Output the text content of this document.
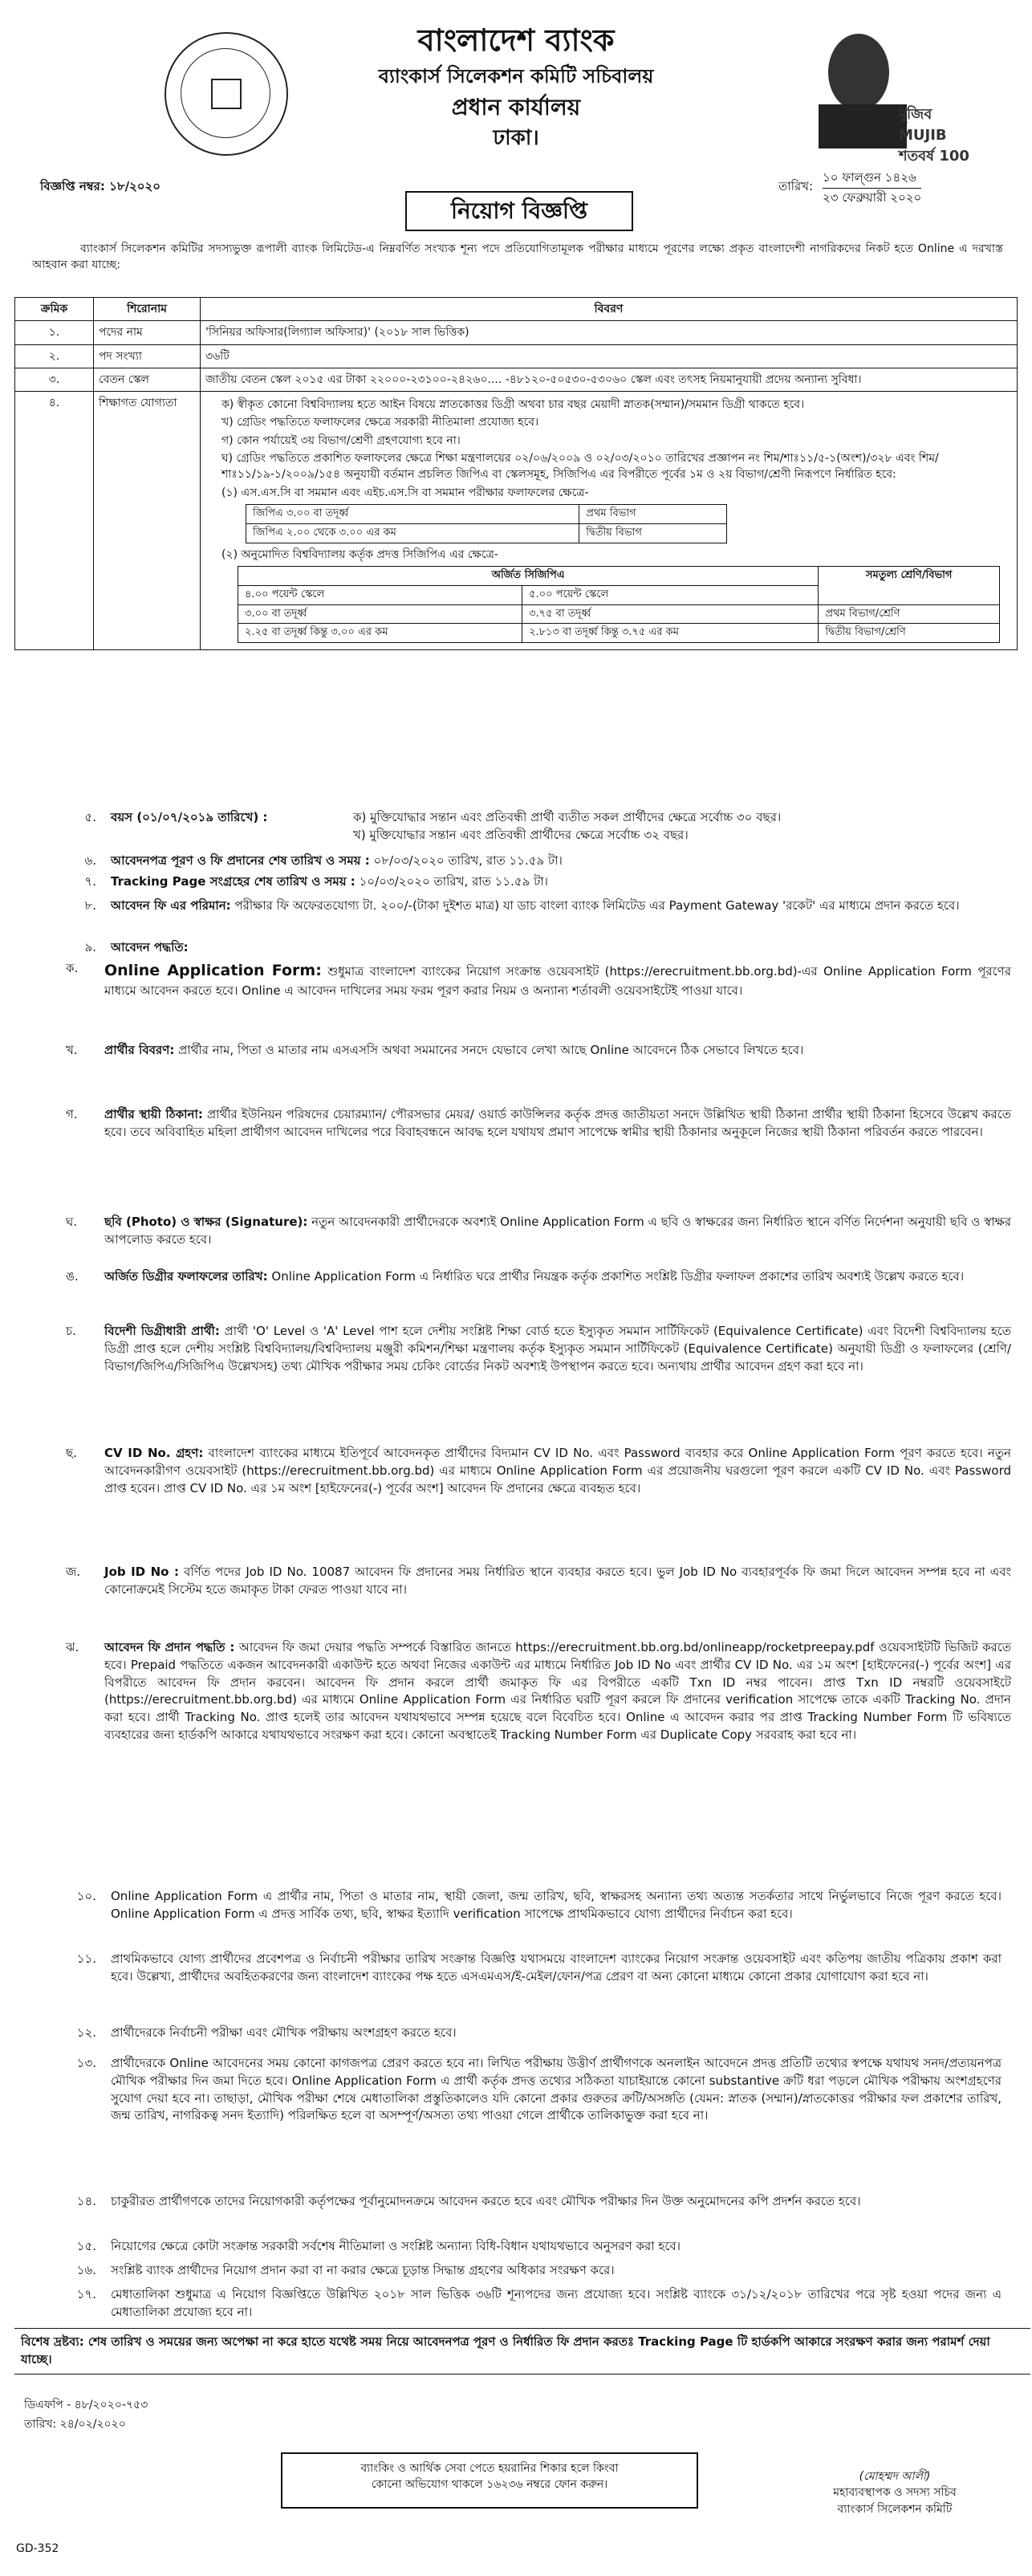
বাংলাদেশ ব্যাংক
ব্যাংকার্স সিলেকশন কমিটি সচিবালয়
প্রধান কার্যালয়
ঢাকা।
মুজিব MUJIB শতবর্ষ 100
বিজ্ঞপ্তি নম্বর: ১৮/২০২০	তারিখ:
১০ ফাল্গুন ১৪২৬
২৩ ফেব্রুয়ারী ২০২০
নিয়োগ বিজ্ঞপ্তি
ব্যাংকার্স সিলেকশন কমিটির সদস্যভুক্ত রূপালী ব্যাংক লিমিটেড-এ নিম্নবর্ণিত সংখ্যক শূন্য পদে প্রতিযোগিতামূলক পরীক্ষার মাধ্যমে পূরণের লক্ষ্যে প্রকৃত বাংলাদেশী নাগরিকদের নিকট হতে Online এ দরখাস্ত আহবান করা যাচ্ছে:
ক্রমিক	শিরোনাম	বিবরণ
১.	পদের নাম	'সিনিয়র অফিসার(লিগ্যাল অফিসার)' (২০১৮ সাল ভিত্তিক)
২.	পদ সংখ্যা	৩৬টি
৩.	বেতন স্কেল	জাতীয় বেতন স্কেল ২০১৫ এর টাকা ২২০০০-২৩১০০-২৪২৬০.... -৪৮১২০-৫০৫৩০-৫৩০৬০ স্কেল এবং তৎসহ নিয়মানুযায়ী প্রদেয় অন্যান্য সুবিধা।
৪.	শিক্ষাগত যোগ্যতা	ক) স্বীকৃত কোনো বিশ্ববিদ্যালয় হতে আইন বিষয়ে স্নাতকোত্তর ডিগ্রী অথবা চার বছর মেয়াদী স্নাতক(সম্মান)/সমমান ডিগ্রী থাকতে হবে।
খ) গ্রেডিং পদ্ধতিতে ফলাফলের ক্ষেত্রে সরকারী নীতিমালা প্রযোজ্য হবে।
গ) কোন পর্যায়েই ৩য় বিভাগ/শ্রেণী গ্রহণযোগ্য হবে না।
ঘ) গ্রেডিং পদ্ধতিতে প্রকাশিত ফলাফলের ক্ষেত্রে শিক্ষা মন্ত্রণালয়ের ০২/০৬/২০০৯ ও ০২/০৩/২০১০ তারিখের প্রজ্ঞাপন নং শিম/শাঃ১১/৫-১(অংশ)/৩২৮ এবং শিম/শাঃ১১/১৯-১/২০০৯/১৫৪ অনুযায়ী বর্তমান প্রচলিত জিপিএ বা স্কেলসমূহ, সিজিপিএ এর বিপরীতে পূর্বের ১ম ও ২য় বিভাগ/শ্রেণী নিরূপণে নির্ধারিত হবে:
(১) এস.এস.সি বা সমমান এবং এইচ.এস.সি বা সমমান পরীক্ষার ফলাফলের ক্ষেত্রে-
জিপিএ ৩.০০ বা তদূর্ধ্ব	প্রথম বিভাগ
জিপিএ ২.০০ থেকে ৩.০০ এর কম	দ্বিতীয় বিভাগ
(২) অনুমোদিত বিশ্ববিদ্যালয় কর্তৃক প্রদত্ত সিজিপিএ এর ক্ষেত্রে-
অর্জিত সিজিপিএ	সমতুল্য শ্রেণি/বিভাগ
৪.০০ পয়েন্ট স্কেলে	৫.০০ পয়েন্ট স্কেলে
৩.০০ বা তদূর্ধ্ব	৩.৭৫ বা তদূর্ধ্ব	প্রথম বিভাগ/শ্রেণি
২.২৫ বা তদূর্ধ্ব কিন্তু ৩.০০ এর কম	২.৮১৩ বা তদূর্ধ্ব কিন্তু ৩.৭৫ এর কম	দ্বিতীয় বিভাগ/শ্রেণি
৫. বয়স (০১/০৭/২০১৯ তারিখে) :	ক) মুক্তিযোদ্ধার সন্তান এবং প্রতিবন্ধী প্রার্থী ব্যতীত সকল প্রার্থীদের ক্ষেত্রে সর্বোচ্চ ৩০ বছর।
খ) মুক্তিযোদ্ধার সন্তান এবং প্রতিবন্ধী প্রার্থীদের ক্ষেত্রে সর্বোচ্চ ৩২ বছর।
৬. আবেদনপত্র পূরণ ও ফি প্রদানের শেষ তারিখ ও সময় : ০৮/০৩/২০২০ তারিখ, রাত ১১.৫৯ টা।
৭. Tracking Page সংগ্রহের শেষ তারিখ ও সময় : ১০/০৩/২০২০ তারিখ, রাত ১১.৫৯ টা।
৮. আবেদন ফি এর পরিমান: পরীক্ষার ফি অফেরতযোগ্য টা. ২০০/-(টাকা দুইশত মাত্র) যা ডাচ বাংলা ব্যাংক লিমিটেড এর Payment Gateway 'রকেট' এর মাধ্যমে প্রদান করতে হবে।
৯. আবেদন পদ্ধতি:
ক. Online Application Form: শুধুমাত্র বাংলাদেশ ব্যাংকের নিয়োগ সংক্রান্ত ওয়েবসাইট (https://erecruitment.bb.org.bd)-এর Online Application Form পূরণের মাধ্যমে আবেদন করতে হবে। Online এ আবেদন দাখিলের সময় ফরম পূরণ করার নিয়ম ও অন্যান্য শর্তাবলী ওয়েবসাইটেই পাওয়া যাবে।
খ. প্রার্থীর বিবরণ: প্রার্থীর নাম, পিতা ও মাতার নাম এসএসসি অথবা সমমানের সনদে যেভাবে লেখা আছে Online আবেদনে ঠিক সেভাবে লিখতে হবে।
গ. প্রার্থীর স্থায়ী ঠিকানা: প্রার্থীর ইউনিয়ন পরিষদের চেয়ারম্যান/ পৌরসভার মেয়র/ ওয়ার্ড কাউন্সিলর কর্তৃক প্রদত্ত জাতীয়তা সনদে উল্লিখিত স্থায়ী ঠিকানা প্রার্থীর স্থায়ী ঠিকানা হিসেবে উল্লেখ করতে হবে। তবে অবিবাহিত মহিলা প্রার্থীগণ আবেদন দাখিলের পরে বিবাহবন্ধনে আবদ্ধ হলে যথাযথ প্রমাণ সাপেক্ষে স্বামীর স্থায়ী ঠিকানার অনুকূলে নিজের স্থায়ী ঠিকানা পরিবর্তন করতে পারবেন।
ঘ. ছবি (Photo) ও স্বাক্ষর (Signature): নতুন আবেদনকারী প্রার্থীদেরকে অবশ্যই Online Application Form এ ছবি ও স্বাক্ষরের জন্য নির্ধারিত স্থানে বর্ণিত নির্দেশনা অনুযায়ী ছবি ও স্বাক্ষর আপলোড করতে হবে।
ঙ. অর্জিত ডিগ্রীর ফলাফলের তারিখ: Online Application Form এ নির্ধারিত ঘরে প্রার্থীর নিয়ন্ত্রক কর্তৃক প্রকাশিত সংশ্লিষ্ট ডিগ্রীর ফলাফল প্রকাশের তারিখ অবশ্যই উল্লেখ করতে হবে।
চ. বিদেশী ডিগ্রীধারী প্রার্থী: প্রার্থী 'O' Level ও 'A' Level পাশ হলে দেশীয় সংশ্লিষ্ট শিক্ষা বোর্ড হতে ইস্যুকৃত সমমান সার্টিফিকেট (Equivalence Certificate) এবং বিদেশী বিশ্ববিদ্যালয় হতে ডিগ্রী প্রাপ্ত হলে দেশীয় সংশ্লিষ্ট বিশ্ববিদ্যালয়/বিশ্ববিদ্যালয় মঞ্জুরী কমিশন/শিক্ষা মন্ত্রণালয় কর্তৃক ইস্যুকৃত সমমান সার্টিফিকেট (Equivalence Certificate) অনুযায়ী ডিগ্রী ও ফলাফলের (শ্রেণি/ বিভাগ/জিপিএ/সিজিপিএ উল্লেখসহ) তথ্য মৌখিক পরীক্ষার সময় চেকিং বোর্ডের নিকট অবশ্যই উপস্থাপন করতে হবে। অন্যথায় প্রার্থীর আবেদন গ্রহণ করা হবে না।
ছ. CV ID No. গ্রহণ: বাংলাদেশ ব্যাংকের মাধ্যমে ইতিপূর্বে আবেদনকৃত প্রার্থীদের বিদ্যমান CV ID No. এবং Password ব্যবহার করে Online Application Form পূরণ করতে হবে। নতুন আবেদনকারীগণ ওয়েবসাইট (https://erecruitment.bb.org.bd) এর মাধ্যমে Online Application Form এর প্রয়োজনীয় ঘরগুলো পূরণ করলে একটি CV ID No. এবং Password প্রাপ্ত হবেন। প্রাপ্ত CV ID No. এর ১ম অংশ [হাইফেনের(-) পূর্বের অংশ] আবেদন ফি প্রদানের ক্ষেত্রে ব্যবহৃত হবে।
জ. Job ID No : বর্ণিত পদের Job ID No. 10087 আবেদন ফি প্রদানের সময় নির্ধারিত স্থানে ব্যবহার করতে হবে। ভুল Job ID No ব্যবহারপূর্বক ফি জমা দিলে আবেদন সম্পন্ন হবে না এবং কোনোক্রমেই সিস্টেম হতে জমাকৃত টাকা ফেরত পাওয়া যাবে না।
ঝ. আবেদন ফি প্রদান পদ্ধতি : আবেদন ফি জমা দেয়ার পদ্ধতি সম্পর্কে বিস্তারিত জানতে https://erecruitment.bb.org.bd/onlineapp/rocketpreepay.pdf ওয়েবসাইটটি ভিজিট করতে হবে। Prepaid পদ্ধতিতে একজন আবেদনকারী একাউন্ট হতে অথবা নিজের একাউন্ট এর মাধ্যমে নির্ধারিত Job ID No এবং প্রার্থীর CV ID No. এর ১ম অংশ [হাইফেনের(-) পূর্বের অংশ] এর বিপরীতে আবেদন ফি প্রদান করবেন। আবেদন ফি প্রদান করলে প্রার্থী জমাকৃত ফি এর বিপরীতে একটি Txn ID নম্বর পাবেন। প্রাপ্ত Txn ID নম্বরটি ওয়েবসাইটে (https://erecruitment.bb.org.bd) এর মাধ্যমে Online Application Form এর নির্ধারিত ঘরটি পূরণ করলে ফি প্রদানের verification সাপেক্ষে তাকে একটি Tracking No. প্রদান করা হবে। প্রার্থী Tracking No. প্রাপ্ত হলেই তার আবেদন যথাযথভাবে সম্পন্ন হয়েছে বলে বিবেচিত হবে। Online এ আবেদন করার পর প্রাপ্ত Tracking Number Form টি ভবিষ্যতে ব্যবহারের জন্য হার্ডকপি আকারে যথাযথভাবে সংরক্ষণ করা হবে। কোনো অবস্থাতেই Tracking Number Form এর Duplicate Copy সরবরাহ করা হবে না।
১০. Online Application Form এ প্রার্থীর নাম, পিতা ও মাতার নাম, স্থায়ী জেলা, জন্ম তারিখ, ছবি, স্বাক্ষরসহ অন্যান্য তথ্য অত্যন্ত সতর্কতার সাথে নির্ভুলভাবে নিজে পূরণ করতে হবে। Online Application Form এ প্রদত্ত সার্বিক তথ্য, ছবি, স্বাক্ষর ইত্যাদি verification সাপেক্ষে প্রাথমিকভাবে যোগ্য প্রার্থীদের নির্বাচন করা হবে।
১১. প্রাথমিকভাবে যোগ্য প্রার্থীদের প্রবেশপত্র ও নির্বাচনী পরীক্ষার তারিখ সংক্রান্ত বিজ্ঞপ্তি যথাসময়ে বাংলাদেশ ব্যাংকের নিয়োগ সংক্রান্ত ওয়েবসাইট এবং কতিপয় জাতীয় পত্রিকায় প্রকাশ করা হবে। উল্লেখ্য, প্রার্থীদের অবহিতকরণের জন্য বাংলাদেশ ব্যাংকের পক্ষ হতে এসএমএস/ই-মেইল/ফোন/পত্র প্রেরণ বা অন্য কোনো মাধ্যমে কোনো প্রকার যোগাযোগ করা হবে না।
১২. প্রার্থীদেরকে নির্বাচনী পরীক্ষা এবং মৌখিক পরীক্ষায় অংশগ্রহণ করতে হবে।
১৩. প্রার্থীদেরকে Online আবেদনের সময় কোনো কাগজপত্র প্রেরণ করতে হবে না। লিখিত পরীক্ষায় উত্তীর্ণ প্রার্থীগণকে অনলাইন আবেদনে প্রদত্ত প্রতিটি তথ্যের স্বপক্ষে যথাযথ সনদ/প্রত্যয়নপত্র মৌখিক পরীক্ষার দিন জমা দিতে হবে। Online Application Form এ প্রার্থী কর্তৃক প্রদত্ত তথ্যের সঠিকতা যাচাইয়ান্তে কোনো substantive ক্রটি ধরা পড়লে মৌখিক পরীক্ষায় অংশগ্রহণের সুযোগ দেয়া হবে না। তাছাড়া, মৌখিক পরীক্ষা শেষে মেধাতালিকা প্রস্তুতিকালেও যদি কোনো প্রকার গুরুতর ক্রটি/অসঙ্গতি (যেমন: স্নাতক (সম্মান)/স্নাতকোত্তর পরীক্ষার ফল প্রকাশের তারিখ, জন্ম তারিখ, নাগরিকত্ব সনদ ইত্যাদি) পরিলক্ষিত হলে বা অসম্পূর্ণ/অসত্য তথ্য পাওয়া গেলে প্রার্থীকে তালিকাভুক্ত করা হবে না।
১৪. চাকুরীরত প্রার্থীগণকে তাদের নিয়োগকারী কর্তৃপক্ষের পূর্বানুমোদনক্রমে আবেদন করতে হবে এবং মৌখিক পরীক্ষার দিন উক্ত অনুমোদনের কপি প্রদর্শন করতে হবে।
১৫. নিয়োগের ক্ষেত্রে কোটা সংক্রান্ত সরকারী সর্বশেষ নীতিমালা ও সংশ্লিষ্ট অন্যান্য বিধি-বিধান যথাযথভাবে অনুসরণ করা হবে।
১৬. সংশ্লিষ্ট ব্যাংক প্রার্থীদের নিয়োগ প্রদান করা বা না করার ক্ষেত্রে চূড়ান্ত সিদ্ধান্ত গ্রহণের অধিকার সংরক্ষণ করে।
১৭. মেধাতালিকা শুধুমাত্র এ নিয়োগ বিজ্ঞপ্তিতে উল্লিখিত ২০১৮ সাল ভিত্তিক ৩৬টি শূন্যপদের জন্য প্রযোজ্য হবে। সংশ্লিষ্ট ব্যাংকে ৩১/১২/২০১৮ তারিখের পরে সৃষ্ট হওয়া পদের জন্য এ মেধাতালিকা প্রযোজ্য হবে না।
বিশেষ দ্রষ্টব্য: শেষ তারিখ ও সময়ের জন্য অপেক্ষা না করে হাতে যথেষ্ট সময় নিয়ে আবেদনপত্র পূরণ ও নির্ধারিত ফি প্রদান করতঃ Tracking Page টি হার্ডকপি আকারে সংরক্ষণ করার জন্য পরামর্শ দেয়া যাচ্ছে।
ডিএফপি - ৪৮/২০২০-৭৫৩
তারিখ: ২৪/০২/২০২০
ব্যাংকিং ও আর্থিক সেবা পেতে হয়রানির শিকার হলে কিংবা
কোনো অভিযোগ থাকলে ১৬২৩৬ নম্বরে ফোন করুন।
(মোহম্মদ আলী)
মহাব্যবস্থাপক ও সদস্য সচিব
ব্যাংকার্স সিলেকশন কমিটি
GD-352
